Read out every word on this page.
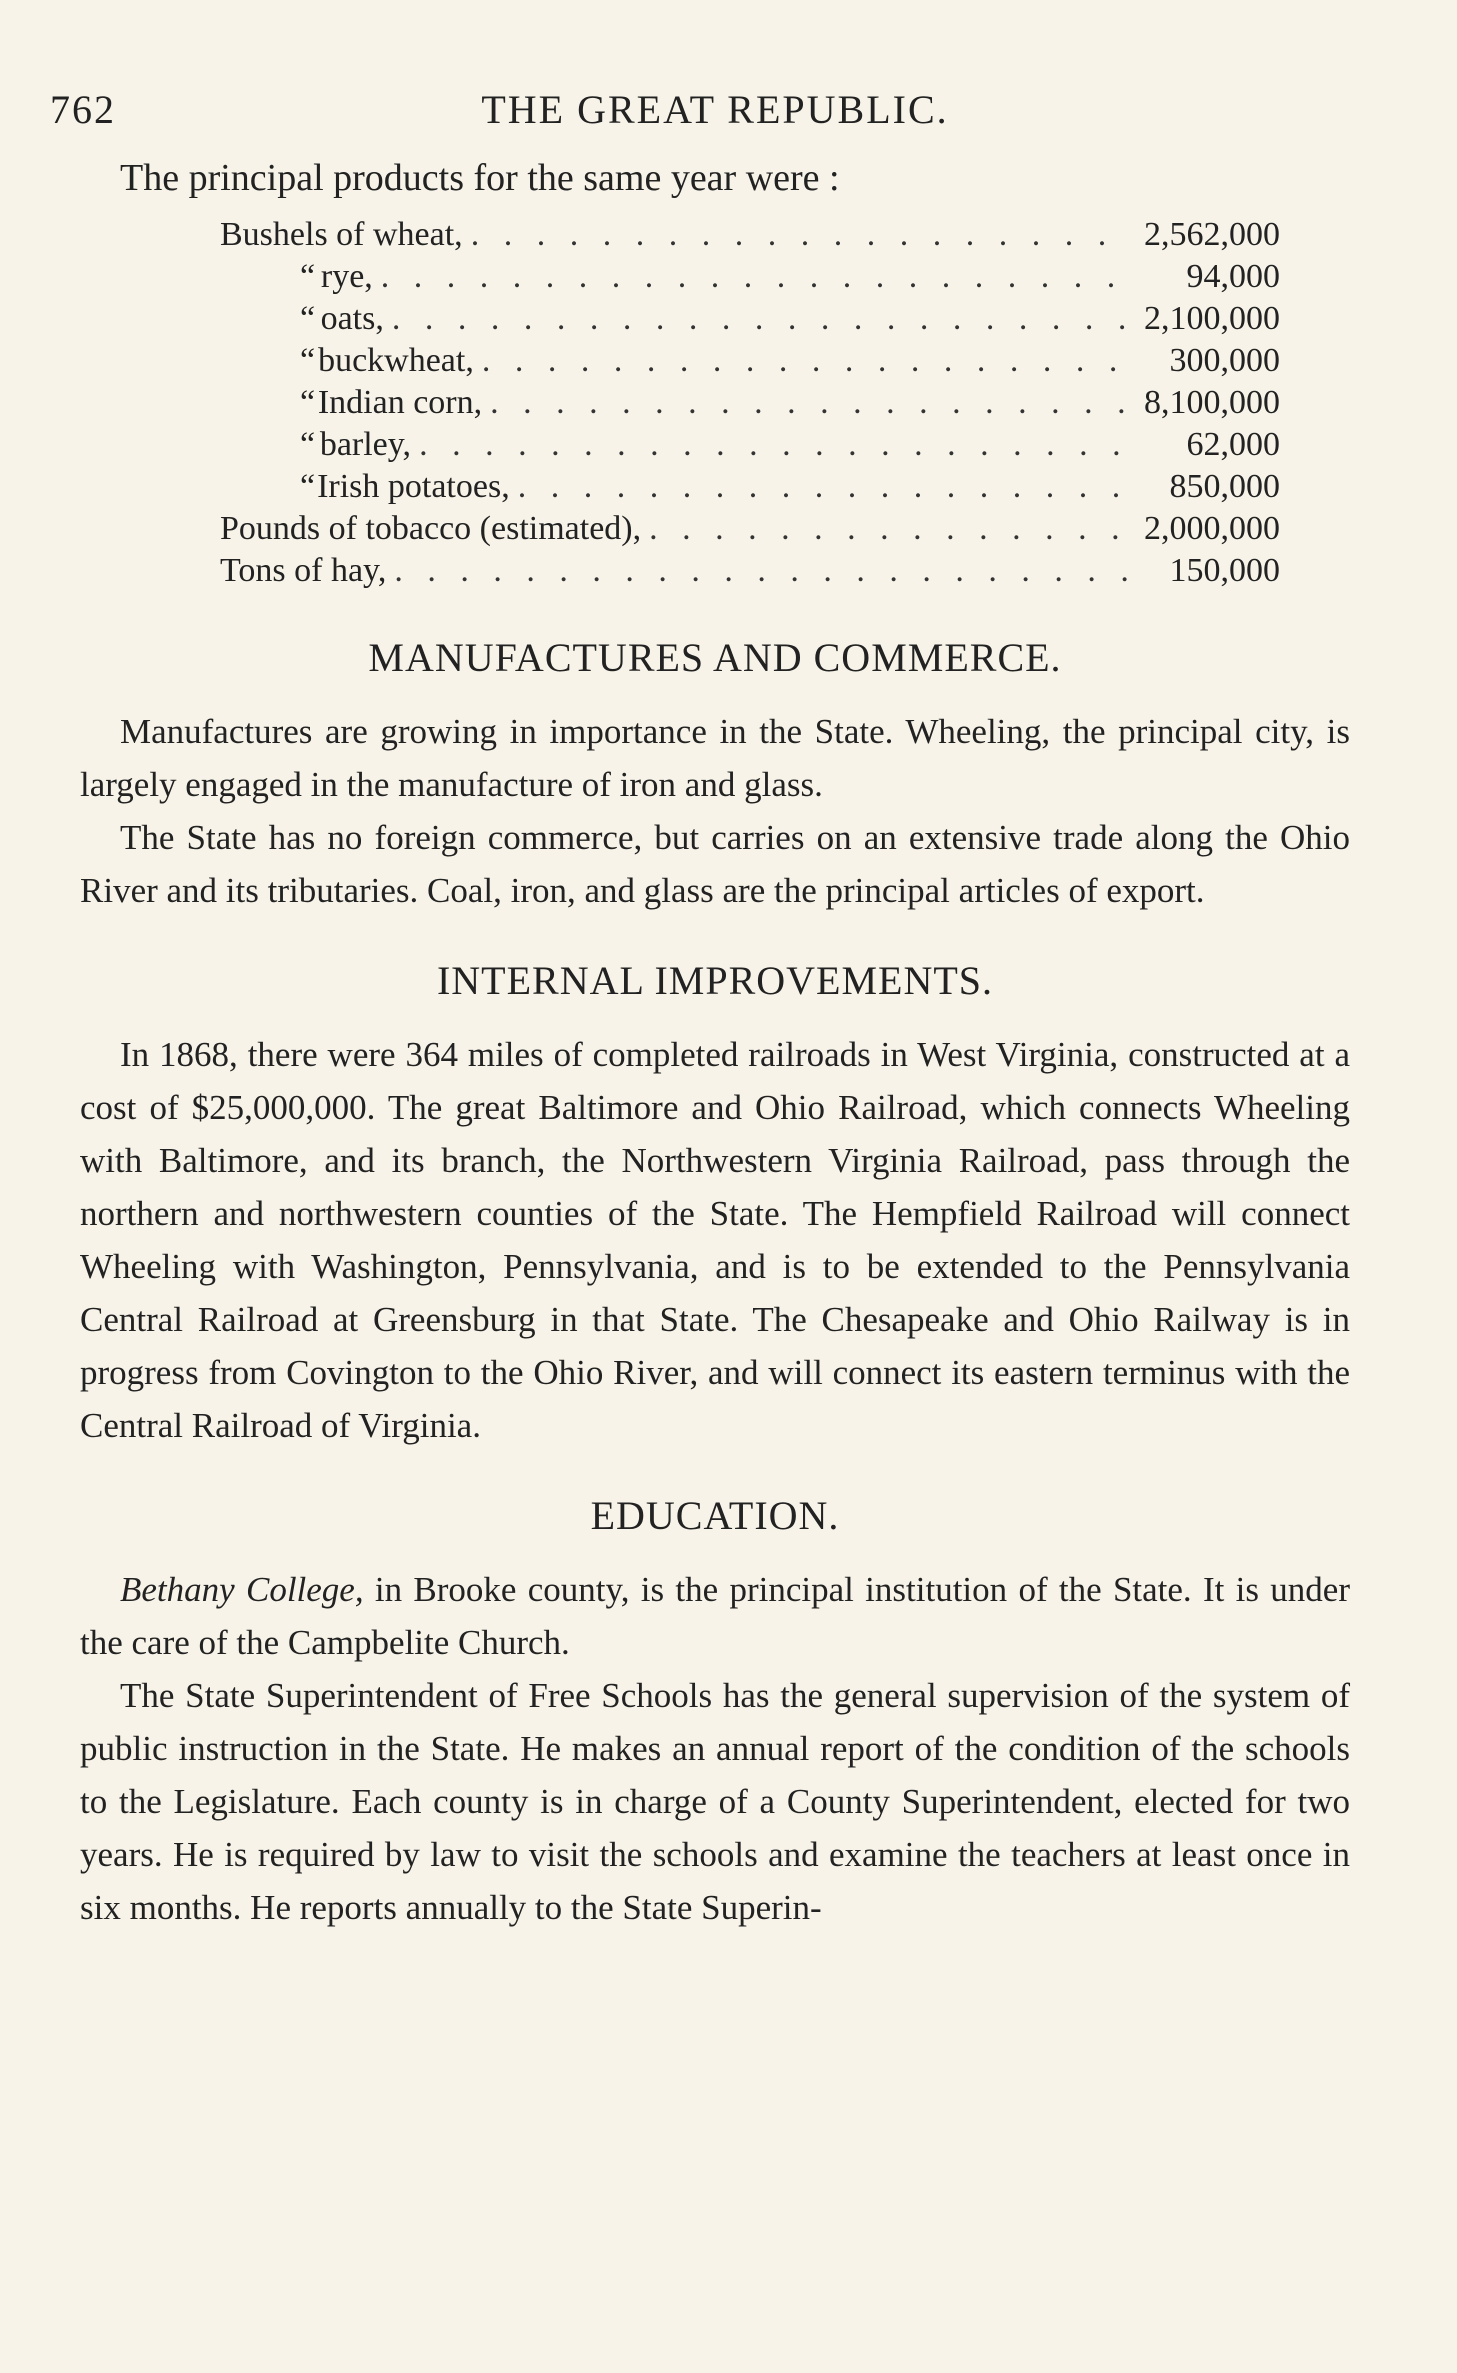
762	THE GREAT REPUBLIC.
The principal products for the same year were :
Bushels of wheat, . . .	2,562,000
“ rye, . . .	94,000
“ oats, . . .	2,100,000
“ buckwheat, . . .	300,000
“ Indian corn, . . .	8,100,000
“ barley, . . .	62,000
“ Irish potatoes, . . .	850,000
Pounds of tobacco (estimated), . . .	2,000,000
Tons of hay, . . .	150,000
MANUFACTURES AND COMMERCE.

Manufactures are growing in importance in the State. Wheeling, the principal city, is largely engaged in the manufacture of iron and glass.

The State has no foreign commerce, but carries on an extensive trade along the Ohio River and its tributaries. Coal, iron, and glass are the principal articles of export.

INTERNAL IMPROVEMENTS.

In 1868, there were 364 miles of completed railroads in West Virginia, constructed at a cost of $25,000,000. The great Baltimore and Ohio Railroad, which connects Wheeling with Baltimore, and its branch, the Northwestern Virginia Railroad, pass through the northern and northwestern counties of the State. The Hempfield Railroad will connect Wheeling with Washington, Pennsylvania, and is to be extended to the Pennsylvania Central Railroad at Greensburg in that State. The Chesapeake and Ohio Railway is in progress from Covington to the Ohio River, and will connect its eastern terminus with the Central Railroad of Virginia.

EDUCATION.

Bethany College, in Brooke county, is the principal institution of the State. It is under the care of the Campbelite Church.

The State Superintendent of Free Schools has the general supervision of the system of public instruction in the State. He makes an annual report of the condition of the schools to the Legislature. Each county is in charge of a County Superintendent, elected for two years. He is required by law to visit the schools and examine the teachers at least once in six months. He reports annually to the State Superin-
